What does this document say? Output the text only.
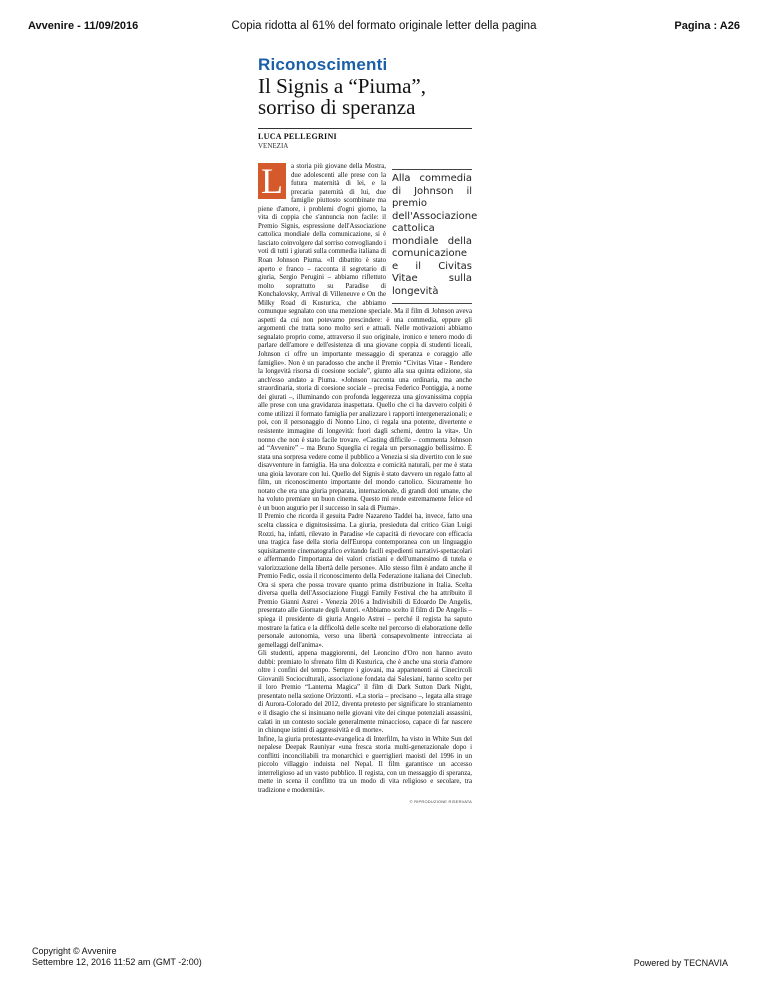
Avvenire - 11/09/2016	Copia ridotta al 61% del formato originale letter della pagina	Pagina : A26
Riconoscimenti
Il Signis a “Piuma”,
sorriso di speranza
LUCA PELLEGRINI
VENEZIA
L	Alla commedia di Johnson il premio dell'Associazione cattolica mondiale della comunicazione e il Civitas Vitae sulla longevità

a storia più giovane della Mostra, due adolescenti alle prese con la futura maternità di lei, e la precaria paternità di lui, due famiglie piuttosto scombinate ma piene d'amore, i problemi d'ogni giorno, la vita di coppia che s'annuncia non facile: il Premio Signis, espressione dell'Associazione cattolica mondiale della comunicazione, si è lasciato coinvolgere dal sorriso convogliando i voti di tutti i giurati sulla commedia italiana di Roan Johnson Piuma. «Il dibattito è stato aperto e franco – racconta il segretario di giuria, Sergio Perugini – abbiamo riflettuto molto soprattutto su Paradise di Konchalovsky, Arrival di Villeneuve e On the Milky Road di Kusturica, che abbiamo comunque segnalato con una menzione speciale. Ma il film di Johnson aveva aspetti da cui non potevamo prescindere: è una commedia, eppure gli argomenti che tratta sono molto seri e attuali. Nelle motivazioni abbiamo segnalato proprio come, attraverso il suo originale, ironico e tenero modo di parlare dell'amore e dell'esistenza di una giovane coppia di studenti liceali, Johnson ci offre un importante messaggio di speranza e coraggio alle famiglie». Non è un paradosso che anche il Premio “Civitas Vitae - Rendere la longevità risorsa di coesione sociale”, giunto alla sua quinta edizione, sia anch'esso andato a Piuma. «Johnson racconta una ordinaria, ma anche straordinaria, storia di coesione sociale – precisa Federico Pontiggia, a nome dei giurati –, illuminando con profonda leggerezza una giovanissima coppia alle prese con una gravidanza inaspettata. Quello che ci ha davvero colpiti è come utilizzi il formato famiglia per analizzare i rapporti intergenerazionali; e poi, con il personaggio di Nonno Lino, ci regala una potente, divertente e resistente immagine di longevità: fuori dagli schemi, dentro la vita». Un nonno che non è stato facile trovare. «Casting difficile – commenta Johnson ad “Avvenire” – ma Bruno Squeglia ci regala un personaggio bellissimo. È stata una sorpresa vedere come il pubblico a Venezia si sia divertito con le sue disavventure in famiglia. Ha una dolcezza e comicità naturali, per me è stata una gioia lavorare con lui. Quello del Signis è stato davvero un regalo fatto al film, un riconoscimento importante del mondo cattolico. Sicuramente ho notato che era una giuria preparata, internazionale, di grandi doti umane, che ha voluto premiare un buon cinema. Questo mi rende estremamente felice ed è un buon augurio per il successo in sala di Piuma».

Il Premio che ricorda il gesuita Padre Nazareno Taddei ha, invece, fatto una scelta classica e dignitosissima. La giuria, presieduta dal critico Gian Luigi Rozzi, ha, infatti, rilevato in Paradise «le capacità di rievocare con efficacia una tragica fase della storia dell'Europa contemporanea con un linguaggio squisitamente cinematografico evitando facili espedienti narrativi-spettacolari e affermando l'importanza dei valori cristiani e dell'umanesimo di tutela e valorizzazione della libertà delle persone». Allo stesso film è andato anche il Premio Fedic, ossia il riconoscimento della Federazione italiana dei Cineclub. Ora si spera che possa trovare quanto prima distribuzione in Italia. Scelta diversa quella dell'Associazione Fiuggi Family Festival che ha attribuito il Premio Gianni Astrei - Venezia 2016 a Indivisibili di Edoardo De Angelis, presentato alle Giornate degli Autori. «Abbiamo scelto il film di De Angelis – spiega il presidente di giuria Angelo Astrei – perché il regista ha saputo mostrare la fatica e la difficoltà delle scelte nel percorso di elaborazione delle personale autonomia, verso una libertà consapevolmente intrecciata ai gemellaggi dell'anima».

Gli studenti, appena maggiorenni, del Leoncino d'Oro non hanno avuto dubbi: premiato lo sfrenato film di Kusturica, che è anche una storia d'amore oltre i confini del tempo. Sempre i giovani, ma appartenenti ai Cinecircoli Giovanili Socioculturali, associazione fondata dai Salesiani, hanno scelto per il loro Premio “Lanterna Magica” il film di Dark Sutton Dark Night, presentato nella sezione Orizzonti. «La storia – precisano –, legata alla strage di Aurora-Colorado del 2012, diventa pretesto per significare lo straniamento e il disagio che si insinuano nelle giovani vite dei cinque potenziali assassini, calati in un contesto sociale generalmente minaccioso, capace di far nascere in chiunque istinti di aggressività e di morte».

Infine, la giuria protestante-evangelica di Interfilm, ha visto in White Sun del nepalese Deepak Rauniyar «una fresca storia multi-generazionale dopo i conflitti inconciliabili tra monarchici e guerriglieri maoisti del 1996 in un piccolo villaggio induista nel Nepal. Il film garantisce un accesso interreligioso ad un vasto pubblico. Il regista, con un messaggio di speranza, mette in scena il conflitto tra un modo di vita religioso e secolare, tra tradizione e modernità».

© RIPRODUZIONE RISERVATA
Copyright © Avvenire
Settembre 12, 2016 11:52 am (GMT -2:00)	Powered by TECNAVIA
